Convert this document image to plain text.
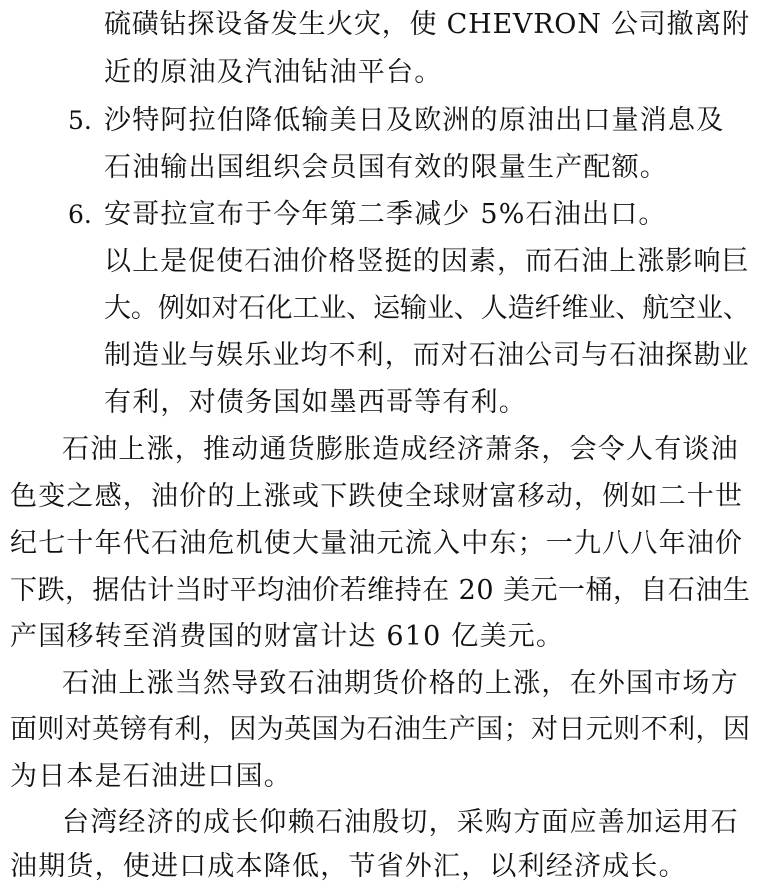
硫磺钻探设备发生火灾，使 CHEVRON 公司撤离附
近的原油及汽油钻油平台。
5. 沙特阿拉伯降低输美日及欧洲的原油出口量消息及
石油输出国组织会员国有效的限量生产配额。
6. 安哥拉宣布于今年第二季减少 5%石油出口。
以上是促使石油价格竖挺的因素，而石油上涨影响巨
大。例如对石化工业、运输业、人造纤维业、航空业、
制造业与娱乐业均不利，而对石油公司与石油探勘业
有利，对债务国如墨西哥等有利。
石油上涨，推动通货膨胀造成经济萧条，会令人有谈油
色变之感，油价的上涨或下跌使全球财富移动，例如二十世
纪七十年代石油危机使大量油元流入中东；一九八八年油价
下跌，据估计当时平均油价若维持在 20 美元一桶，自石油生
产国移转至消费国的财富计达 610 亿美元。
石油上涨当然导致石油期货价格的上涨，在外国市场方
面则对英镑有利，因为英国为石油生产国；对日元则不利，因
为日本是石油进口国。
台湾经济的成长仰赖石油殷切，采购方面应善加运用石
油期货，使进口成本降低，节省外汇，以利经济成长。
